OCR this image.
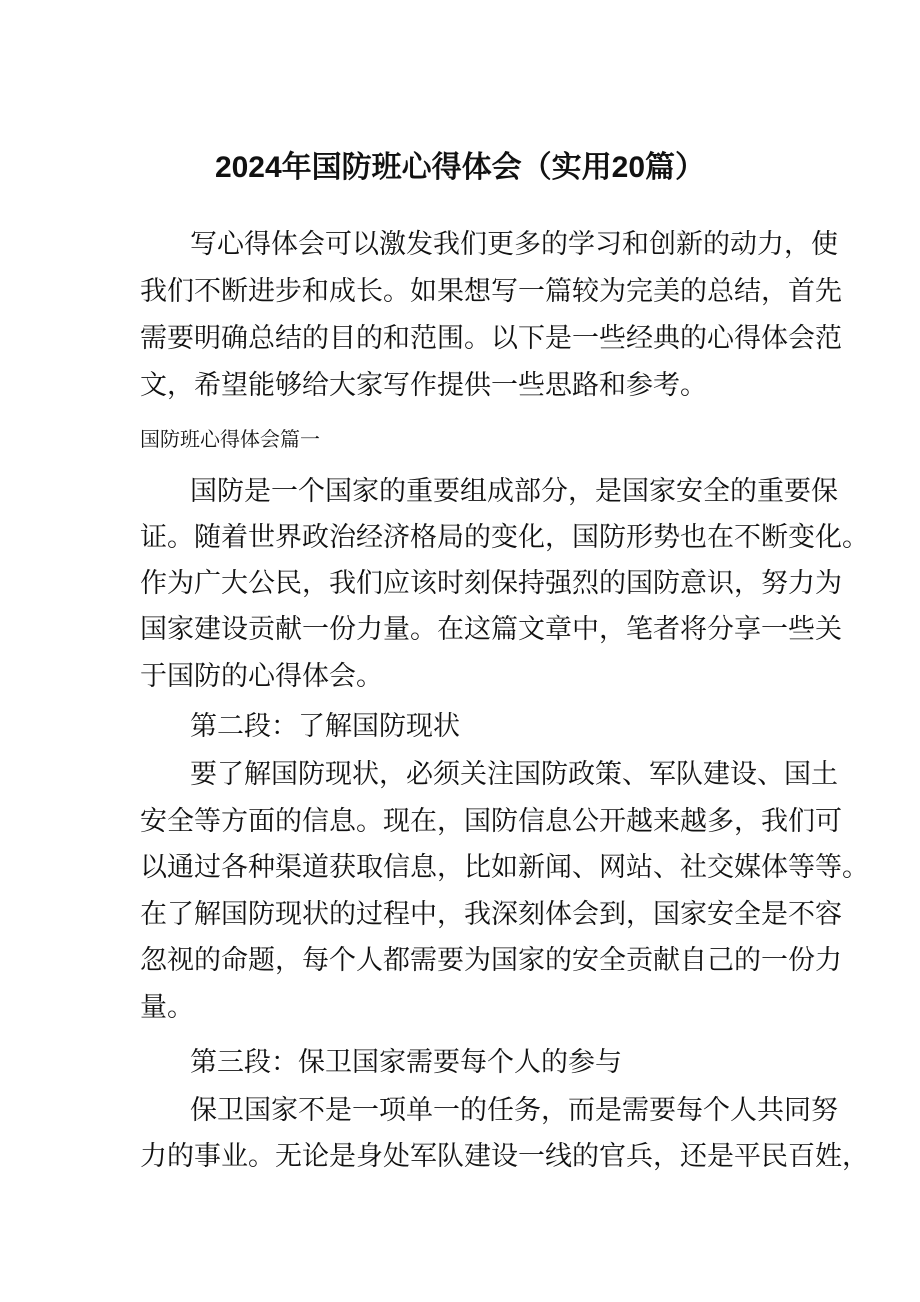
2024年国防班心得体会（实用20篇）
写心得体会可以激发我们更多的学习和创新的动力，使
我们不断进步和成长。如果想写一篇较为完美的总结，首先
需要明确总结的目的和范围。以下是一些经典的心得体会范
文，希望能够给大家写作提供一些思路和参考。
国防班心得体会篇一
国防是一个国家的重要组成部分，是国家安全的重要保
证。随着世界政治经济格局的变化，国防形势也在不断变化。
作为广大公民，我们应该时刻保持强烈的国防意识，努力为
国家建设贡献一份力量。在这篇文章中，笔者将分享一些关
于国防的心得体会。
第二段：了解国防现状
要了解国防现状，必须关注国防政策、军队建设、国土
安全等方面的信息。现在，国防信息公开越来越多，我们可
以通过各种渠道获取信息，比如新闻、网站、社交媒体等等。
在了解国防现状的过程中，我深刻体会到，国家安全是不容
忽视的命题，每个人都需要为国家的安全贡献自己的一份力
量。
第三段：保卫国家需要每个人的参与
保卫国家不是一项单一的任务，而是需要每个人共同努
力的事业。无论是身处军队建设一线的官兵，还是平民百姓，
